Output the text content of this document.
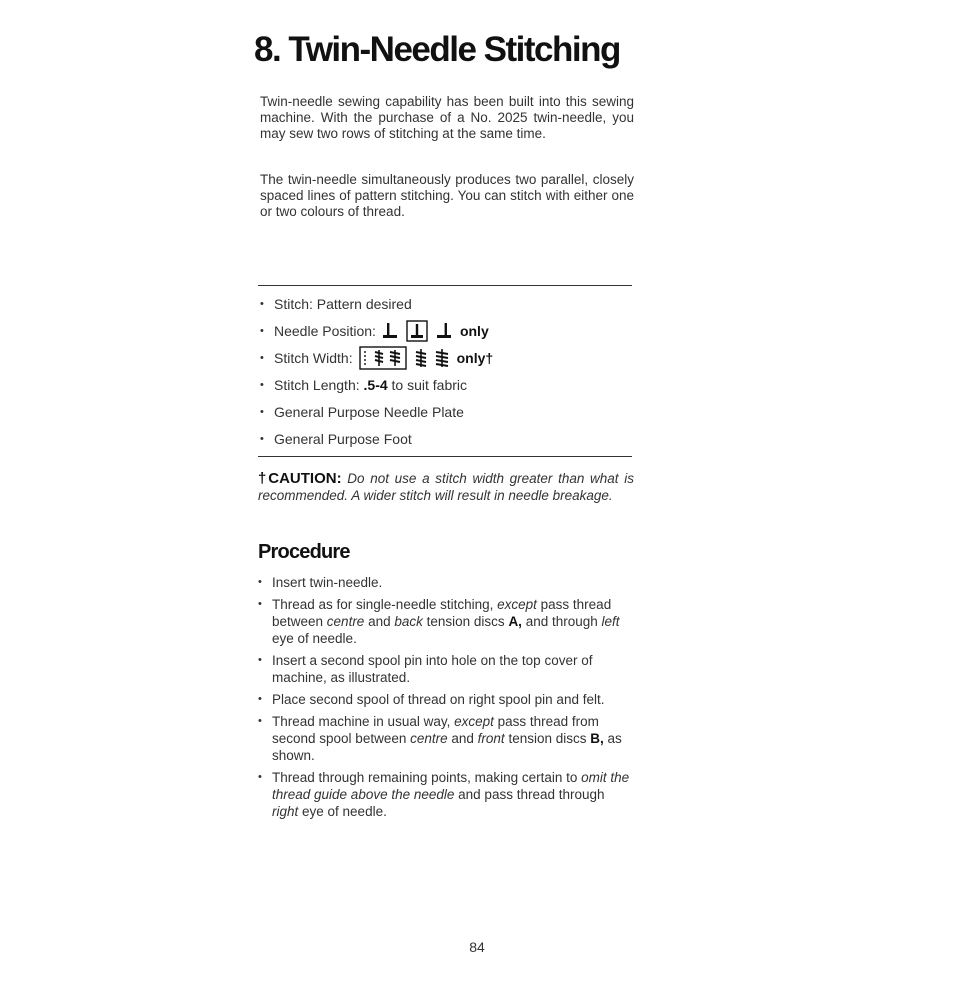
8. Twin-Needle Stitching

Twin-needle sewing capability has been built into this sewing machine. With the purchase of a No. 2025 twin-needle, you may sew two rows of stitching at the same time.

The twin-needle simultaneously produces two parallel, closely spaced lines of pattern stitching. You can stitch with either one or two colours of thread.

• Stitch: Pattern desired
• Needle Position:	only
• Stitch Width:	only†
• Stitch Length:
.5-4
to suit fabric
• General Purpose Needle Plate
• General Purpose Foot

†CAUTION: Do not use a stitch width greater than what is recommended. A wider stitch will result in needle breakage.

Procedure
• Insert twin-needle.
• Thread as for single-needle stitching, except pass thread between centre and back tension discs A, and through left eye of needle.
• Insert a second spool pin into hole on the top cover of machine, as illustrated.
• Place second spool of thread on right spool pin and felt.
• Thread machine in usual way, except pass thread from second spool between centre and front tension discs B, as shown.
• Thread through remaining points, making certain to omit the thread guide above the needle and pass thread through right eye of needle.
84
